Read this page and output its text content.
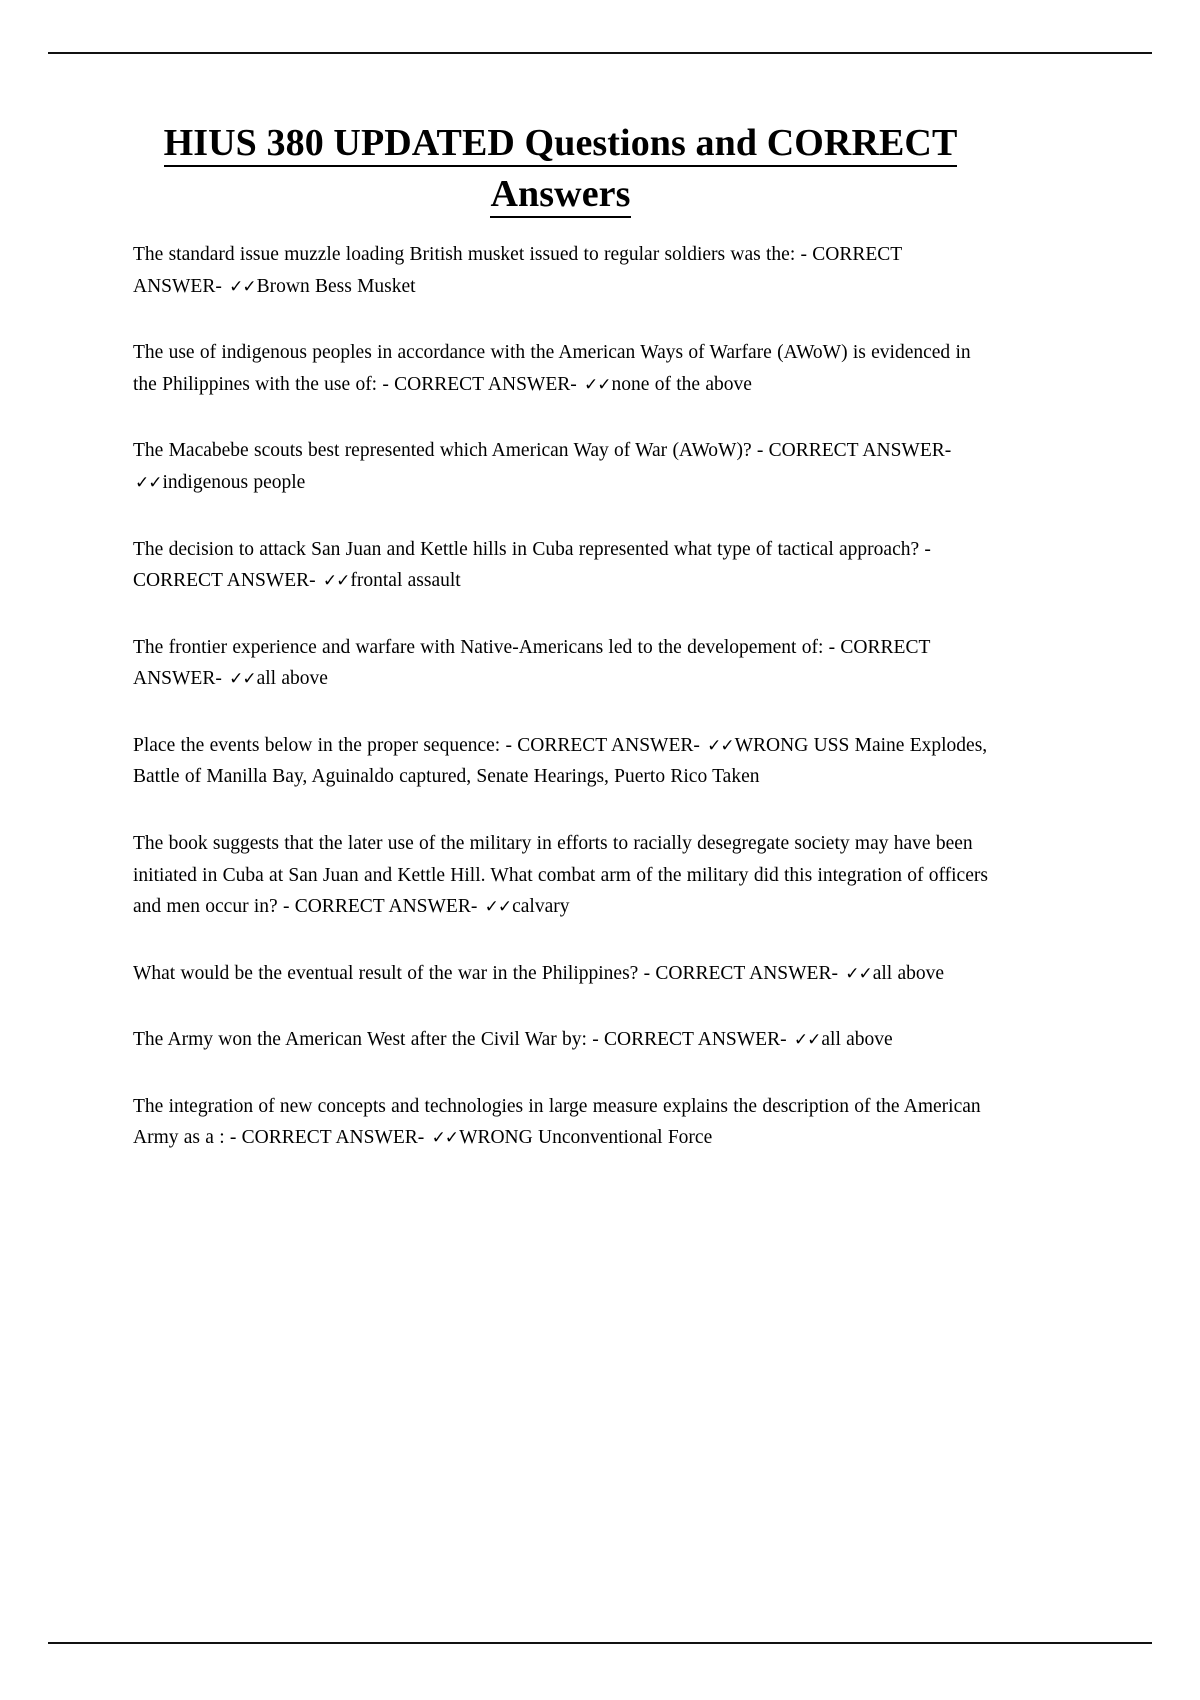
HIUS 380 UPDATED Questions and CORRECT Answers
The standard issue muzzle loading British musket issued to regular soldiers was the: - CORRECT ANSWER- ✓✓Brown Bess Musket
The use of indigenous peoples in accordance with the American Ways of Warfare (AWoW) is evidenced in the Philippines with the use of: - CORRECT ANSWER- ✓✓none of the above
The Macabebe scouts best represented which American Way of War (AWoW)? - CORRECT ANSWER- ✓✓indigenous people
The decision to attack San Juan and Kettle hills in Cuba represented what type of tactical approach? - CORRECT ANSWER- ✓✓frontal assault
The frontier experience and warfare with Native-Americans led to the developement of: - CORRECT ANSWER- ✓✓all above
Place the events below in the proper sequence: - CORRECT ANSWER- ✓✓WRONG USS Maine Explodes, Battle of Manilla Bay, Aguinaldo captured, Senate Hearings, Puerto Rico Taken
The book suggests that the later use of the military in efforts to racially desegregate society may have been initiated in Cuba at San Juan and Kettle Hill. What combat arm of the military did this integration of officers and men occur in? - CORRECT ANSWER- ✓✓calvary
What would be the eventual result of the war in the Philippines? - CORRECT ANSWER- ✓✓all above
The Army won the American West after the Civil War by: - CORRECT ANSWER- ✓✓all above
The integration of new concepts and technologies in large measure explains the description of the American Army as a : - CORRECT ANSWER- ✓✓WRONG Unconventional Force
